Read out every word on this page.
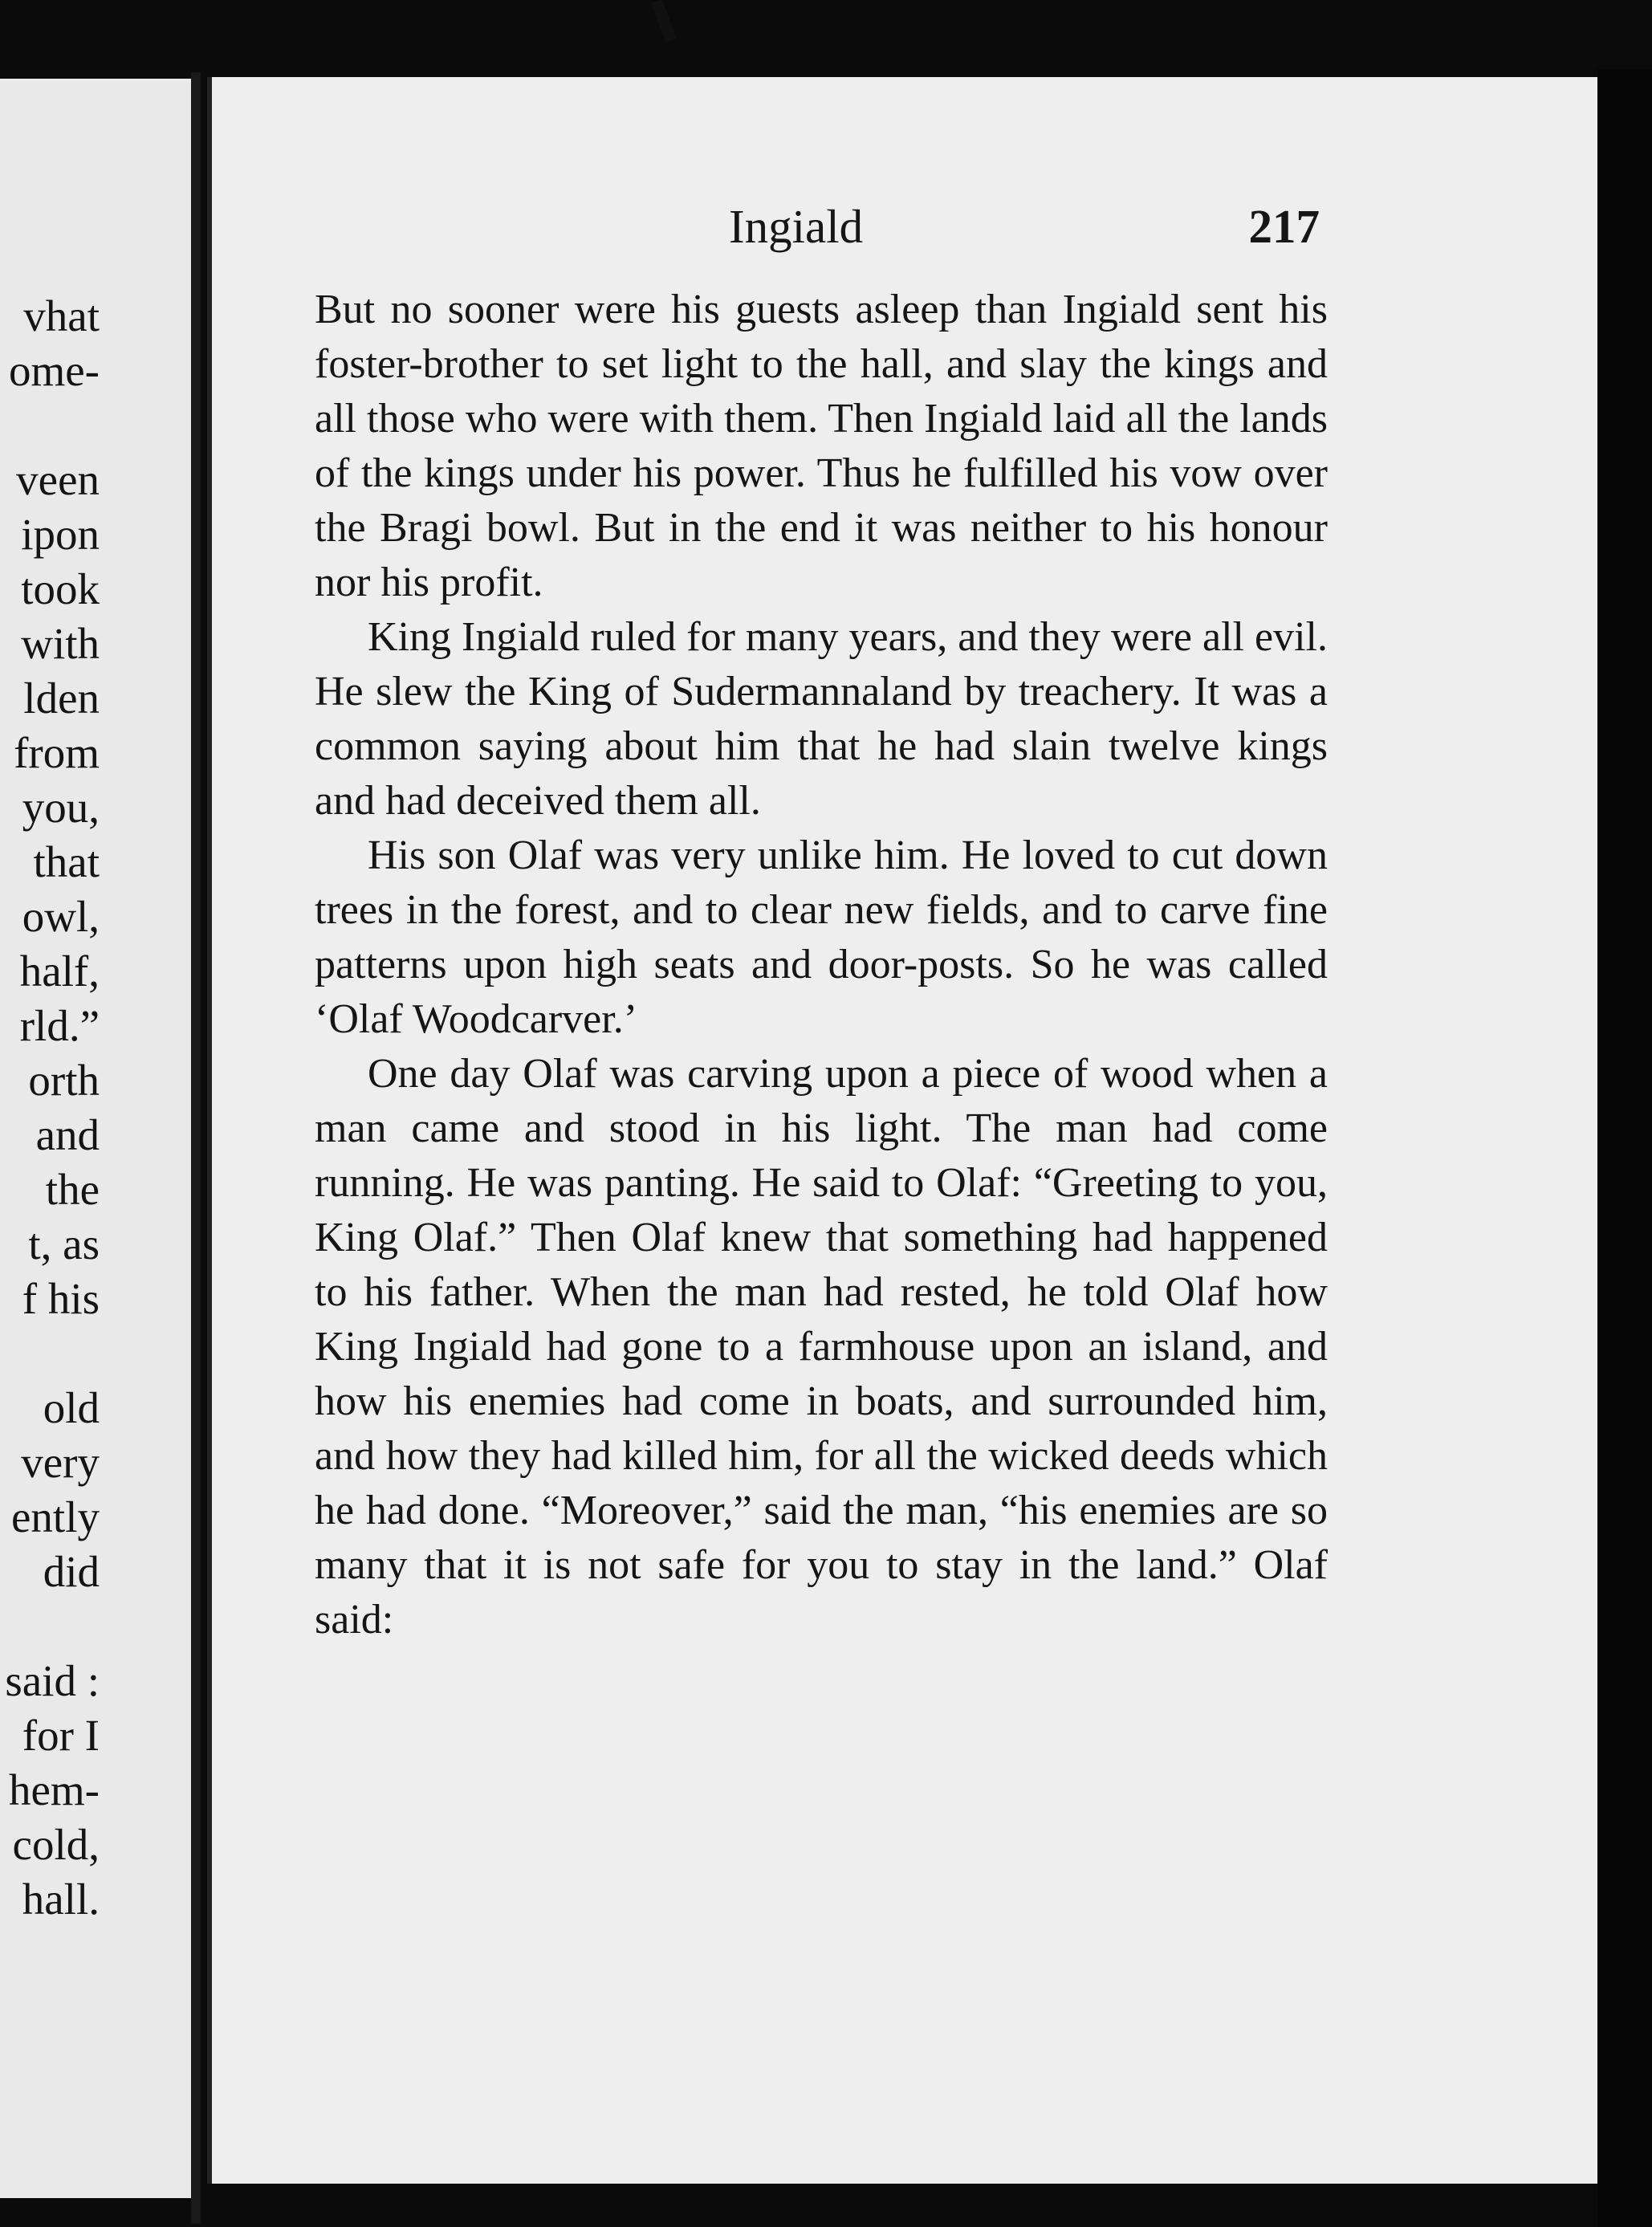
vhat
ome-
veen
ipon
took
with
lden
from
you,
that
owl,
half,
rld.”
orth
and
the
t, as
f his
old
very
ently
did
said :
for I
hem-
cold,
hall.
Ingiald	217

But no sooner were his guests asleep than Ingiald sent his foster-brother to set light to the hall, and slay the kings and all those who were with them. Then Ingiald laid all the lands of the kings under his power. Thus he fulfilled his vow over the Bragi bowl. But in the end it was neither to his honour nor his profit.

King Ingiald ruled for many years, and they were all evil. He slew the King of Sudermannaland by treachery. It was a common saying about him that he had slain twelve kings and had deceived them all.

His son Olaf was very unlike him. He loved to cut down trees in the forest, and to clear new fields, and to carve fine patterns upon high seats and door-posts. So he was called ‘Olaf Woodcarver.’

One day Olaf was carving upon a piece of wood when a man came and stood in his light. The man had come running. He was panting. He said to Olaf: “Greeting to you, King Olaf.” Then Olaf knew that something had happened to his father. When the man had rested, he told Olaf how King Ingiald had gone to a farmhouse upon an island, and how his enemies had come in boats, and surrounded him, and how they had killed him, for all the wicked deeds which he had done. “Moreover,” said the man, “his enemies are so many that it is not safe for you to stay in the land.” Olaf said:
